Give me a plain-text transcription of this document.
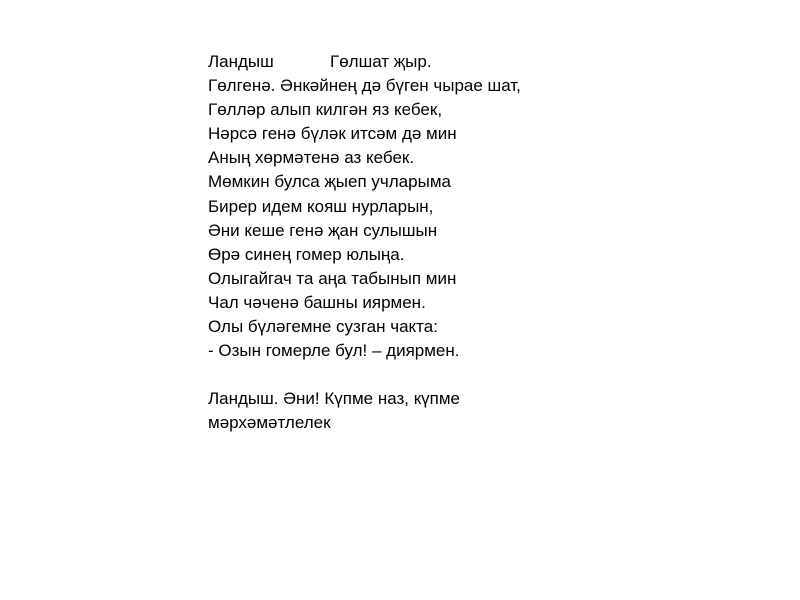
Ландыш	Гөлшат җыр.
Гөлгенә. Әнкәйнең дә бүген чырае шат,
Гөлләр алып килгән яз кебек,
Нәрсә генә бүләк итсәм дә мин
Аның хөрмәтенә аз кебек.
Мөмкин булса җыеп учларыма
Бирер идем кояш нурларын,
Әни кеше генә җан сулышын
Өрә синең гомер юлыңа.
Олыгайгач та аңа табынып мин
Чал чәченә башны иярмен.
Олы бүләгемне сузган чакта:
- Озын гомерле бул! – диярмен.
Ландыш. Әни! Күпме наз, күпме
мәрхәмәтлелек
